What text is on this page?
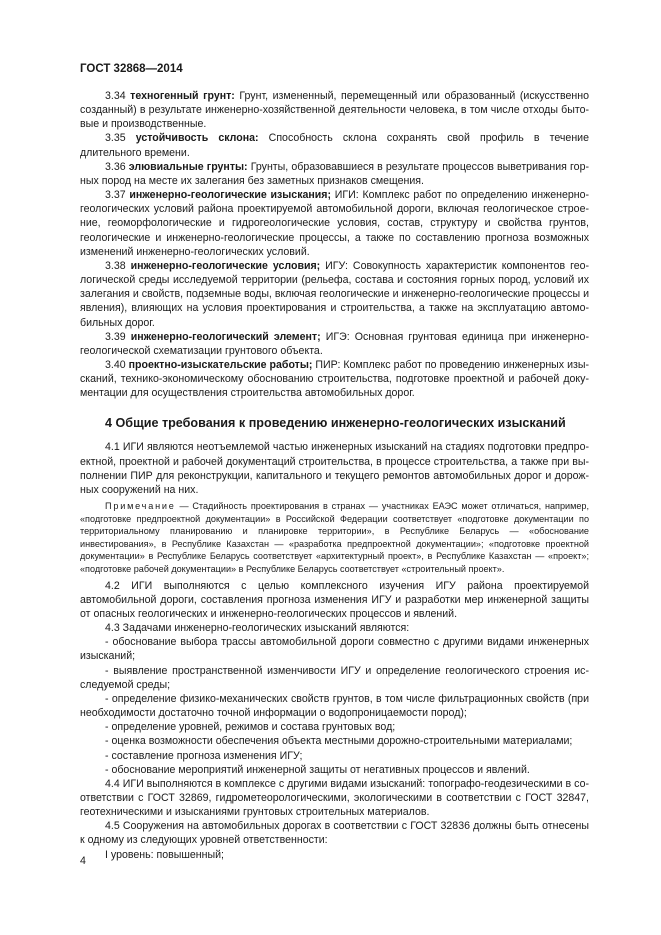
ГОСТ 32868—2014

3.34 техногенный грунт: Грунт, измененный, перемещенный или образованный (искусственно созданный) в результате инженерно-хозяйственной деятельности человека, в том числе отходы бытовые и производственные.

3.35 устойчивость склона: Способность склона сохранять свой профиль в течение длительного времени.

3.36 элювиальные грунты: Грунты, образовавшиеся в результате процессов выветривания горных пород на месте их залегания без заметных признаков смещения.

3.37 инженерно-геологические изыскания; ИГИ: Комплекс работ по определению инженерно-геологических условий района проектируемой автомобильной дороги, включая геологическое строение, геоморфологические и гидрогеологические условия, состав, структуру и свойства грунтов, геологические и инженерно-геологические процессы, а также по составлению прогноза возможных изменений инженерно-геологических условий.

3.38 инженерно-геологические условия; ИГУ: Совокупность характеристик компонентов геологической среды исследуемой территории (рельефа, состава и состояния горных пород, условий их залегания и свойств, подземные воды, включая геологические и инженерно-геологические процессы и явления), влияющих на условия проектирования и строительства, а также на эксплуатацию автомобильных дорог.

3.39 инженерно-геологический элемент; ИГЭ: Основная грунтовая единица при инженерно-геологической схематизации грунтового объекта.

3.40 проектно-изыскательские работы; ПИР: Комплекс работ по проведению инженерных изысканий, технико-экономическому обоснованию строительства, подготовке проектной и рабочей документации для осуществления строительства автомобильных дорог.

4 Общие требования к проведению инженерно-геологических изысканий

4.1 ИГИ являются неотъемлемой частью инженерных изысканий на стадиях подготовки предпроектной, проектной и рабочей документаций строительства, в процессе строительства, а также при выполнении ПИР для реконструкции, капитального и текущего ремонтов автомобильных дорог и дорожных сооружений на них.

Примечание — Стадийность проектирования в странах — участниках ЕАЭС может отличаться, например, «подготовке предпроектной документации» в Российской Федерации соответствует «подготовке документации по территориальному планированию и планировке территории», в Республике Беларусь — «обоснование инвестирования», в Республике Казахстан — «разработка предпроектной документации»; «подготовке проектной документации» в Республике Беларусь соответствует «архитектурный проект», в Республике Казахстан — «проект»; «подготовке рабочей документации» в Республике Беларусь соответствует «строительный проект».

4.2 ИГИ выполняются с целью комплексного изучения ИГУ района проектируемой автомобильной дороги, составления прогноза изменения ИГУ и разработки мер инженерной защиты от опасных геологических и инженерно-геологических процессов и явлений.

4.3 Задачами инженерно-геологических изысканий являются:

- обоснование выбора трассы автомобильной дороги совместно с другими видами инженерных изысканий;

- выявление пространственной изменчивости ИГУ и определение геологического строения исследуемой среды;

- определение физико-механических свойств грунтов, в том числе фильтрационных свойств (при необходимости достаточно точной информации о водопроницаемости пород);

- определение уровней, режимов и состава грунтовых вод;

- оценка возможности обеспечения объекта местными дорожно-строительными материалами;

- составление прогноза изменения ИГУ;

- обоснование мероприятий инженерной защиты от негативных процессов и явлений.

4.4 ИГИ выполняются в комплексе с другими видами изысканий: топографо-геодезическими в соответствии с ГОСТ 32869, гидрометеорологическими, экологическими в соответствии с ГОСТ 32847, геотехническими и изысканиями грунтовых строительных материалов.

4.5 Сооружения на автомобильных дорогах в соответствии с ГОСТ 32836 должны быть отнесены к одному из следующих уровней ответственности:

I уровень: повышенный;

4
